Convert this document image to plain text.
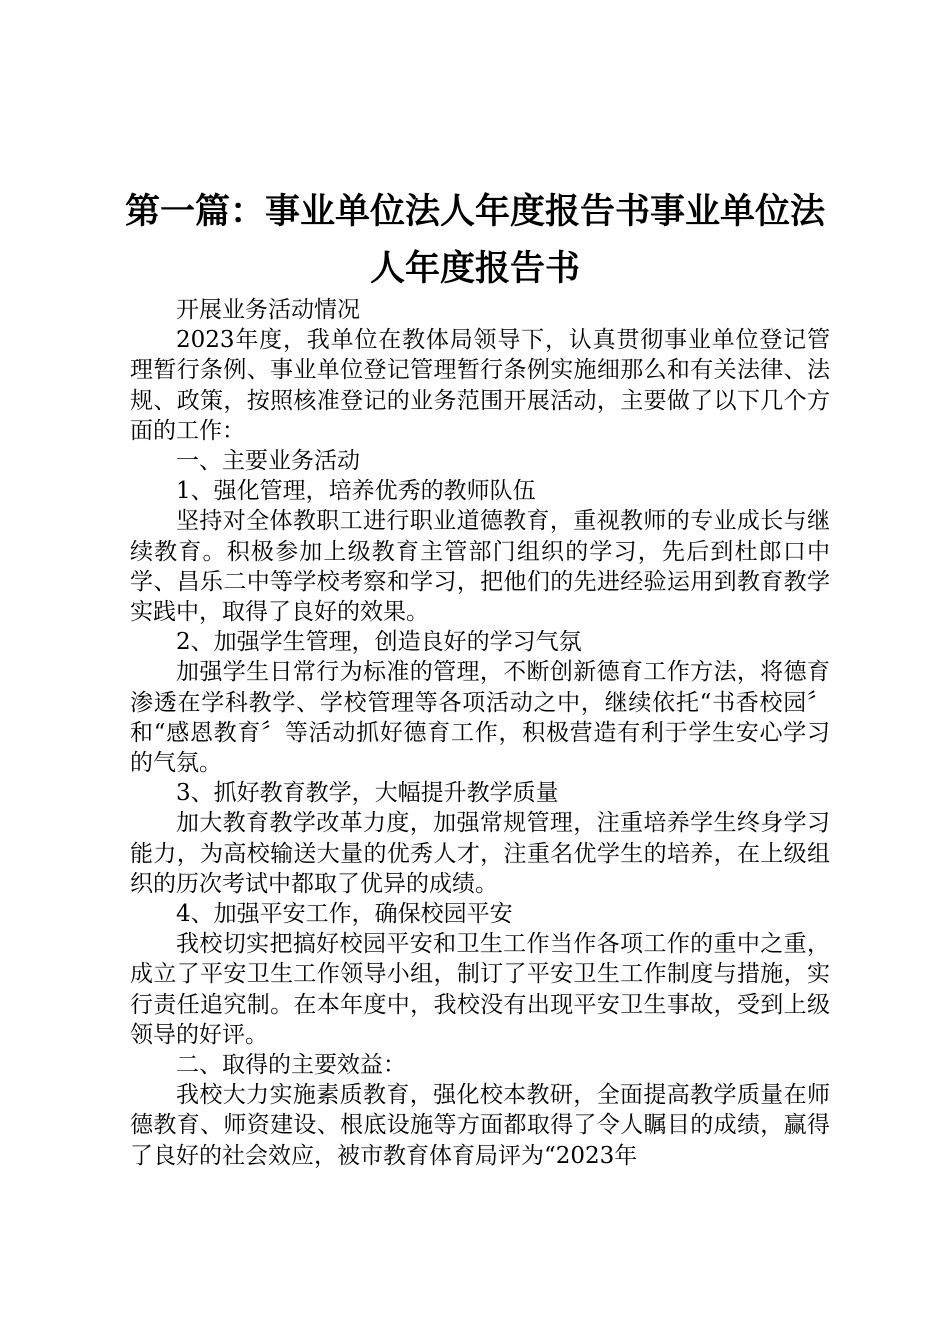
第一篇：事业单位法人年度报告书事业单位法
人年度报告书

开展业务活动情况

2023年度，我单位在教体局领导下，认真贯彻事业单位登记管理暂行条例、事业单位登记管理暂行条例实施细那么和有关法律、法规、政策，按照核准登记的业务范围开展活动，主要做了以下几个方面的工作：

一、主要业务活动

1、强化管理，培养优秀的教师队伍

坚持对全体教职工进行职业道德教育，重视教师的专业成长与继续教育。积极参加上级教育主管部门组织的学习，先后到杜郎口中学、昌乐二中等学校考察和学习，把他们的先进经验运用到教育教学实践中，取得了良好的效果。

2、加强学生管理，创造良好的学习气氛

加强学生日常行为标准的管理，不断创新德育工作方法，将德育渗透在学科教学、学校管理等各项活动之中，继续依托“书香校园〞和“感恩教育〞等活动抓好德育工作，积极营造有利于学生安心学习的气氛。

3、抓好教育教学，大幅提升教学质量

加大教育教学改革力度，加强常规管理，注重培养学生终身学习能力，为高校输送大量的优秀人才，注重名优学生的培养，在上级组织的历次考试中都取了优异的成绩。

4、加强平安工作，确保校园平安

我校切实把搞好校园平安和卫生工作当作各项工作的重中之重，成立了平安卫生工作领导小组，制订了平安卫生工作制度与措施，实行责任追究制。在本年度中，我校没有出现平安卫生事故，受到上级领导的好评。

二、取得的主要效益：

我校大力实施素质教育，强化校本教研，全面提高教学质量在师德教育、师资建设、根底设施等方面都取得了令人瞩目的成绩，赢得了良好的社会效应，被市教育体育局评为“2023年
